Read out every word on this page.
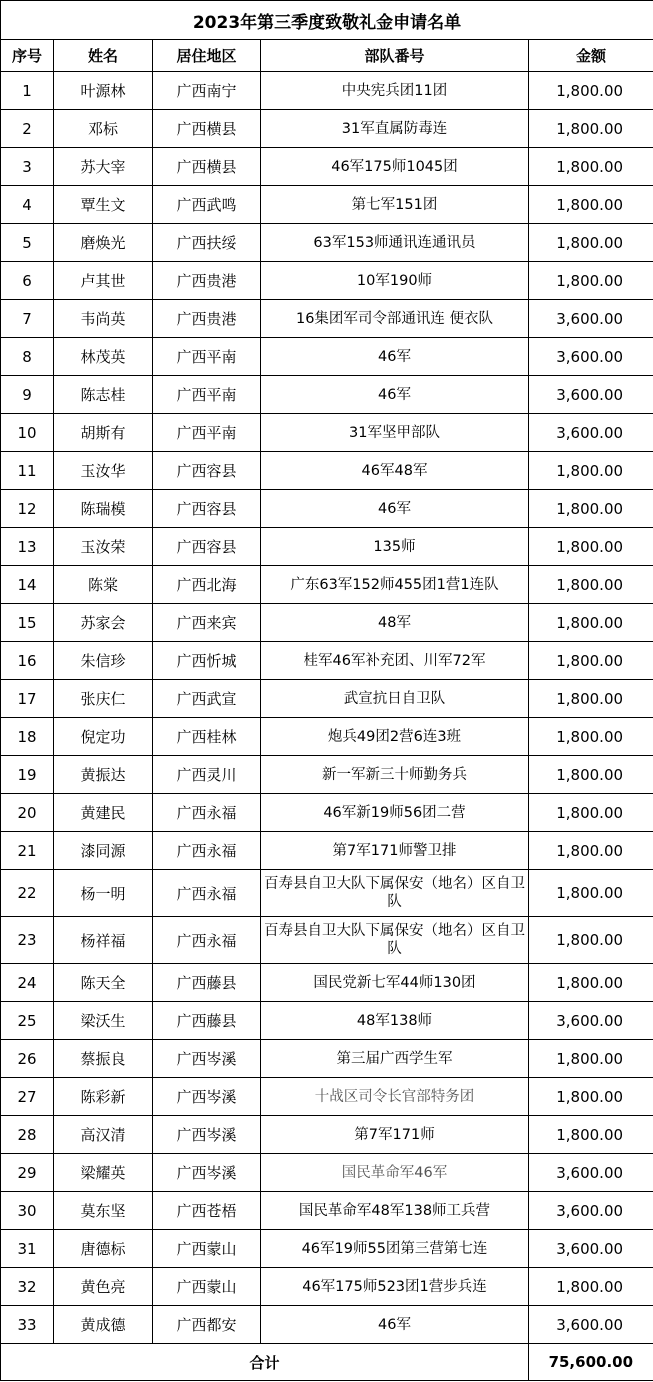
2023年第三季度致敬礼金申请名单				
序号	姓名	居住地区	部队番号	金额
1	叶源林	广西南宁	中央宪兵团11团	1,800.00
2	邓标	广西横县	31军直属防毒连	1,800.00
3	苏大宰	广西横县	46军175师1045团	1,800.00
4	覃生文	广西武鸣	第七军151团	1,800.00
5	磨焕光	广西扶绥	63军153师通讯连通讯员	1,800.00
6	卢其世	广西贵港	10军190师	1,800.00
7	韦尚英	广西贵港	16集团军司令部通讯连 便衣队	3,600.00
8	林茂英	广西平南	46军	3,600.00
9	陈志桂	广西平南	46军	3,600.00
10	胡斯有	广西平南	31军坚甲部队	3,600.00
11	玉汝华	广西容县	46军48军	1,800.00
12	陈瑞模	广西容县	46军	1,800.00
13	玉汝荣	广西容县	135师	1,800.00
14	陈棠	广西北海	广东63军152师455团1营1连队	1,800.00
15	苏家会	广西来宾	48军	1,800.00
16	朱信珍	广西忻城	桂军46军补充团、川军72军	1,800.00
17	张庆仁	广西武宣	武宣抗日自卫队	1,800.00
18	倪定功	广西桂林	炮兵49团2营6连3班	1,800.00
19	黄振达	广西灵川	新一军新三十师勤务兵	1,800.00
20	黄建民	广西永福	46军新19师56团二营	1,800.00
21	漆同源	广西永福	第7军171师警卫排	1,800.00
22	杨一明	广西永福	百寿县自卫大队下属保安（地名）区自卫队	1,800.00
23	杨祥福	广西永福	百寿县自卫大队下属保安（地名）区自卫队	1,800.00
24	陈天全	广西藤县	国民党新七军44师130团	1,800.00
25	梁沃生	广西藤县	48军138师	3,600.00
26	蔡振良	广西岑溪	第三届广西学生军	1,800.00
27	陈彩新	广西岑溪	十战区司令长官部特务团	1,800.00
28	高汉清	广西岑溪	第7军171师	1,800.00
29	梁耀英	广西岑溪	国民革命军46军	3,600.00
30	莫东坚	广西苍梧	国民革命军48军138师工兵营	3,600.00
31	唐德标	广西蒙山	46军19师55团第三营第七连	3,600.00
32	黄色亮	广西蒙山	46军175师523团1营步兵连	1,800.00
33	黄成德	广西都安	46军	3,600.00
合计				75,600.00
